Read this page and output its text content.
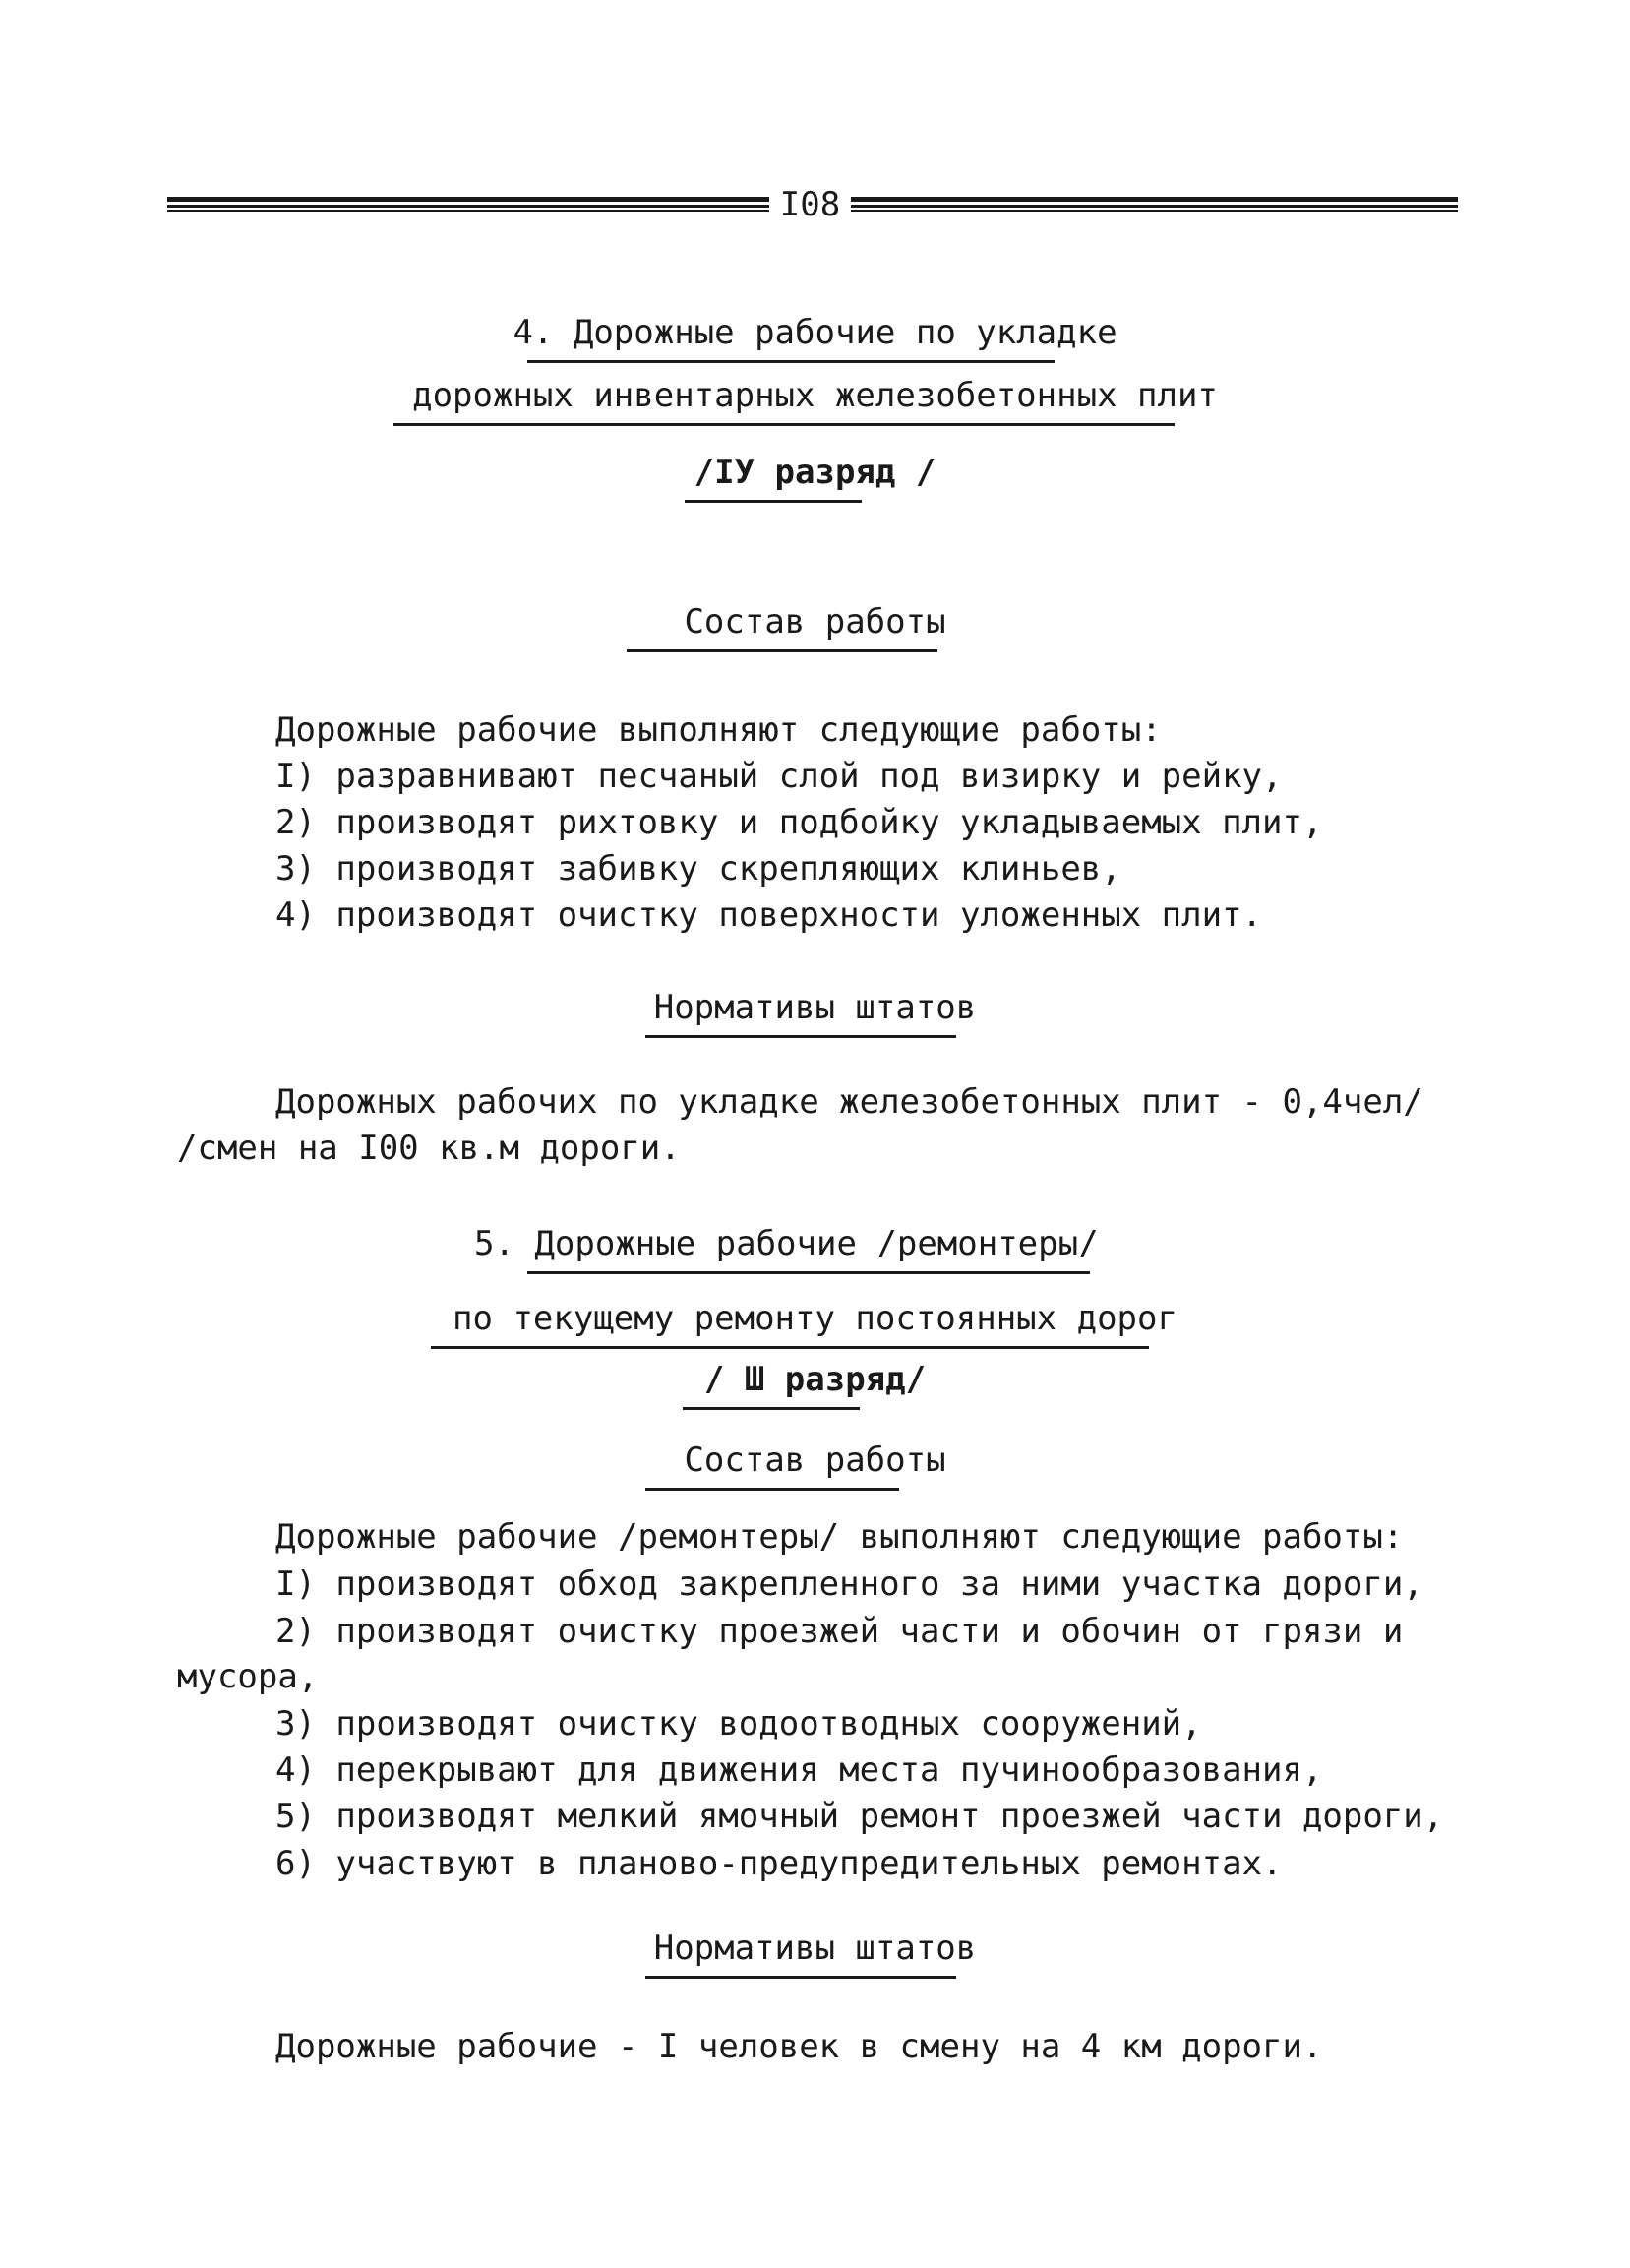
I08
4. Дорожные рабочие по укладке
дорожных инвентарных железобетонных плит
/IУ разряд /
Состав работы
Дорожные рабочие выполняют следующие работы:
I) разравнивают песчаный слой под визирку и рейку,
2) производят рихтовку и подбойку укладываемых плит,
3) производят забивку скрепляющих клиньев,
4) производят очистку поверхности уложенных плит.
Нормативы штатов
Дорожных рабочих по укладке железобетонных плит - 0,4чел/
/смен на I00 кв.м дороги.
5. Дорожные рабочие /ремонтеры/
по текущему ремонту постоянных дорог
/ Ш разряд/
Состав работы
Дорожные рабочие /ремонтеры/ выполняют следующие работы:
I) производят обход закрепленного за ними участка дороги,
2) производят очистку проезжей части и обочин от грязи и
мусора,
3) производят очистку водоотводных сооружений,
4) перекрывают для движения места пучинообразования,
5) производят мелкий ямочный ремонт проезжей части дороги,
6) участвуют в планово-предупредительных ремонтах.
Нормативы штатов
Дорожные рабочие - I человек в смену на 4 км дороги.
